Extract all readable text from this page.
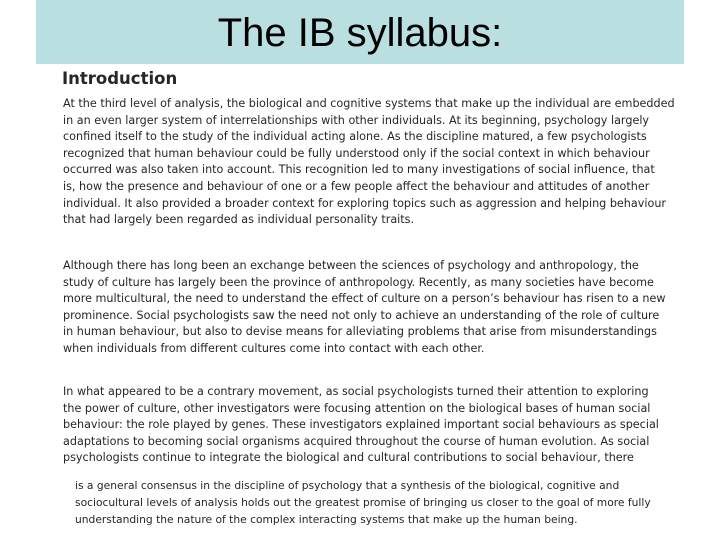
The IB syllabus:
Introduction

At the third level of analysis, the biological and cognitive systems that make up the individual are embedded
in an even larger system of interrelationships with other individuals. At its beginning, psychology largely
confined itself to the study of the individual acting alone. As the discipline matured, a few psychologists
recognized that human behaviour could be fully understood only if the social context in which behaviour
occurred was also taken into account. This recognition led to many investigations of social influence, that
is, how the presence and behaviour of one or a few people affect the behaviour and attitudes of another
individual. It also provided a broader context for exploring topics such as aggression and helping behaviour
that had largely been regarded as individual personality traits.

Although there has long been an exchange between the sciences of psychology and anthropology, the
study of culture has largely been the province of anthropology. Recently, as many societies have become
more multicultural, the need to understand the effect of culture on a person’s behaviour has risen to a new
prominence. Social psychologists saw the need not only to achieve an understanding of the role of culture
in human behaviour, but also to devise means for alleviating problems that arise from misunderstandings
when individuals from different cultures come into contact with each other.

In what appeared to be a contrary movement, as social psychologists turned their attention to exploring
the power of culture, other investigators were focusing attention on the biological bases of human social
behaviour: the role played by genes. These investigators explained important social behaviours as special
adaptations to becoming social organisms acquired throughout the course of human evolution. As social
psychologists continue to integrate the biological and cultural contributions to social behaviour, there

is a general consensus in the discipline of psychology that a synthesis of the biological, cognitive and
sociocultural levels of analysis holds out the greatest promise of bringing us closer to the goal of more fully
understanding the nature of the complex interacting systems that make up the human being.
